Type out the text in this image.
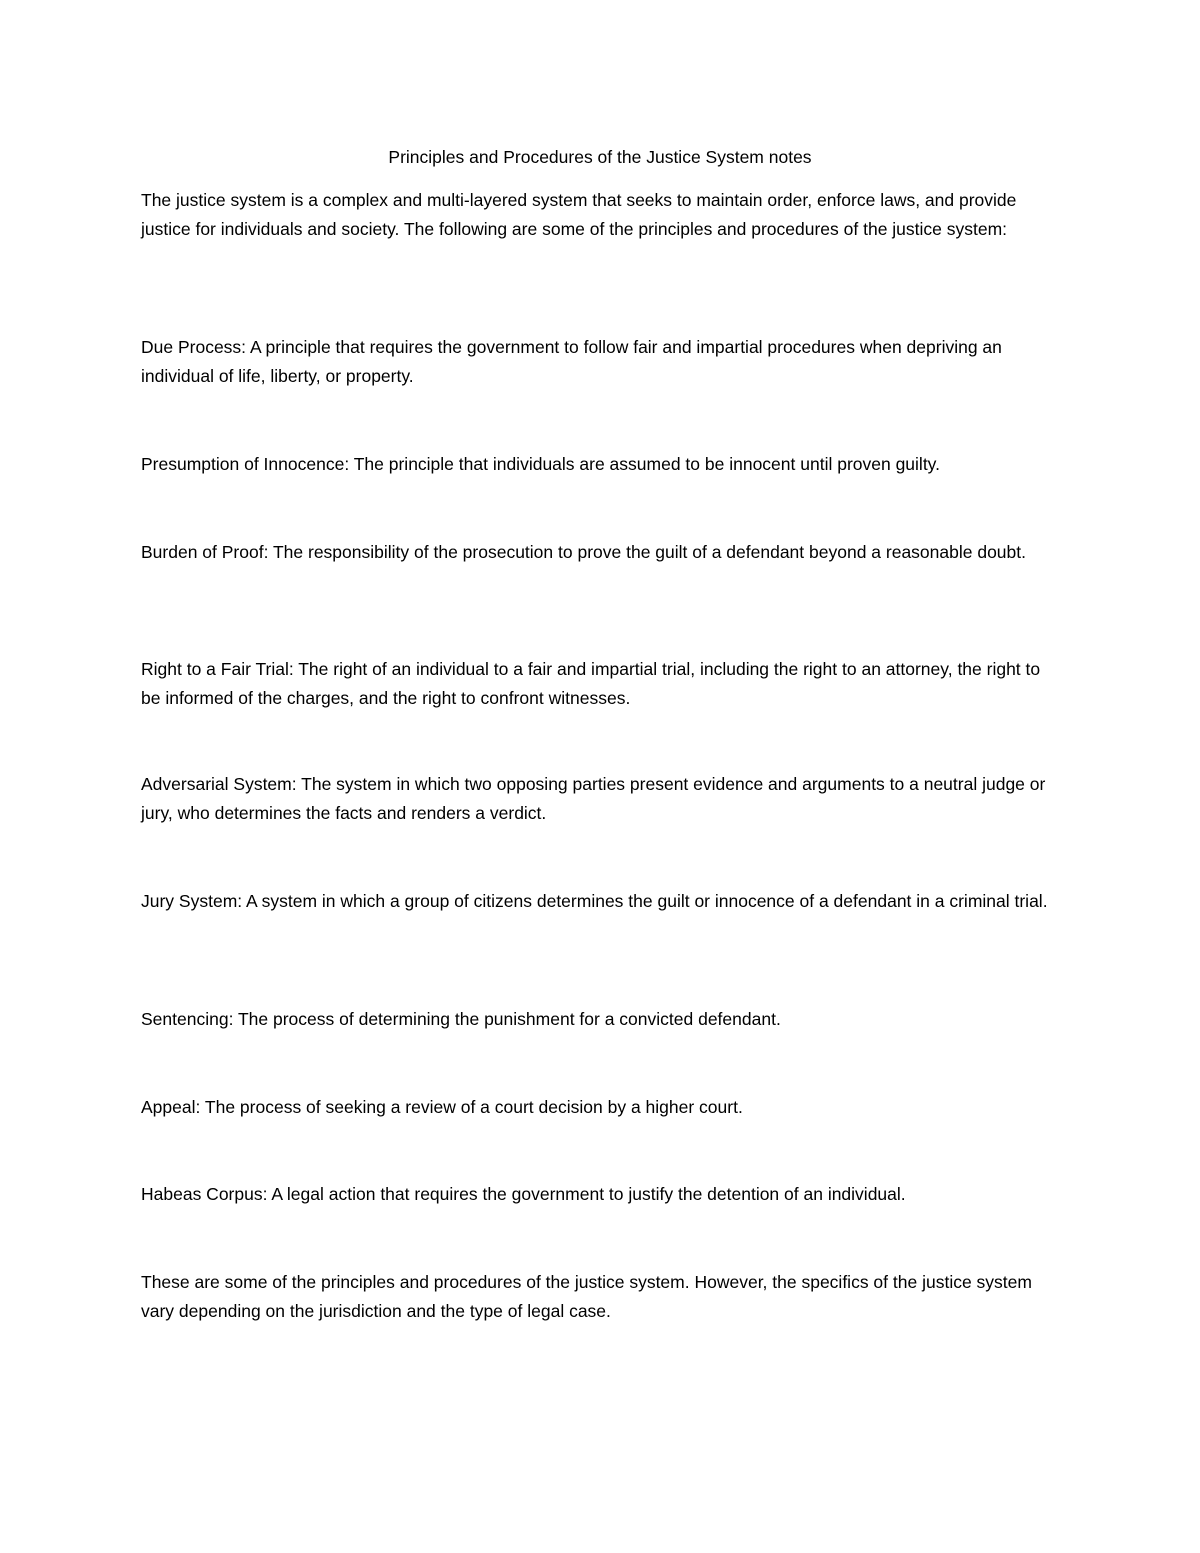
Principles and Procedures of the Justice System notes

The justice system is a complex and multi-layered system that seeks to maintain order, enforce laws, and provide justice for individuals and society. The following are some of the principles and procedures of the justice system:

Due Process: A principle that requires the government to follow fair and impartial procedures when depriving an individual of life, liberty, or property.

Presumption of Innocence: The principle that individuals are assumed to be innocent until proven guilty.

Burden of Proof: The responsibility of the prosecution to prove the guilt of a defendant beyond a reasonable doubt.

Right to a Fair Trial: The right of an individual to a fair and impartial trial, including the right to an attorney, the right to be informed of the charges, and the right to confront witnesses.

Adversarial System: The system in which two opposing parties present evidence and arguments to a neutral judge or jury, who determines the facts and renders a verdict.

Jury System: A system in which a group of citizens determines the guilt or innocence of a defendant in a criminal trial.

Sentencing: The process of determining the punishment for a convicted defendant.

Appeal: The process of seeking a review of a court decision by a higher court.

Habeas Corpus: A legal action that requires the government to justify the detention of an individual.

These are some of the principles and procedures of the justice system. However, the specifics of the justice system vary depending on the jurisdiction and the type of legal case.
